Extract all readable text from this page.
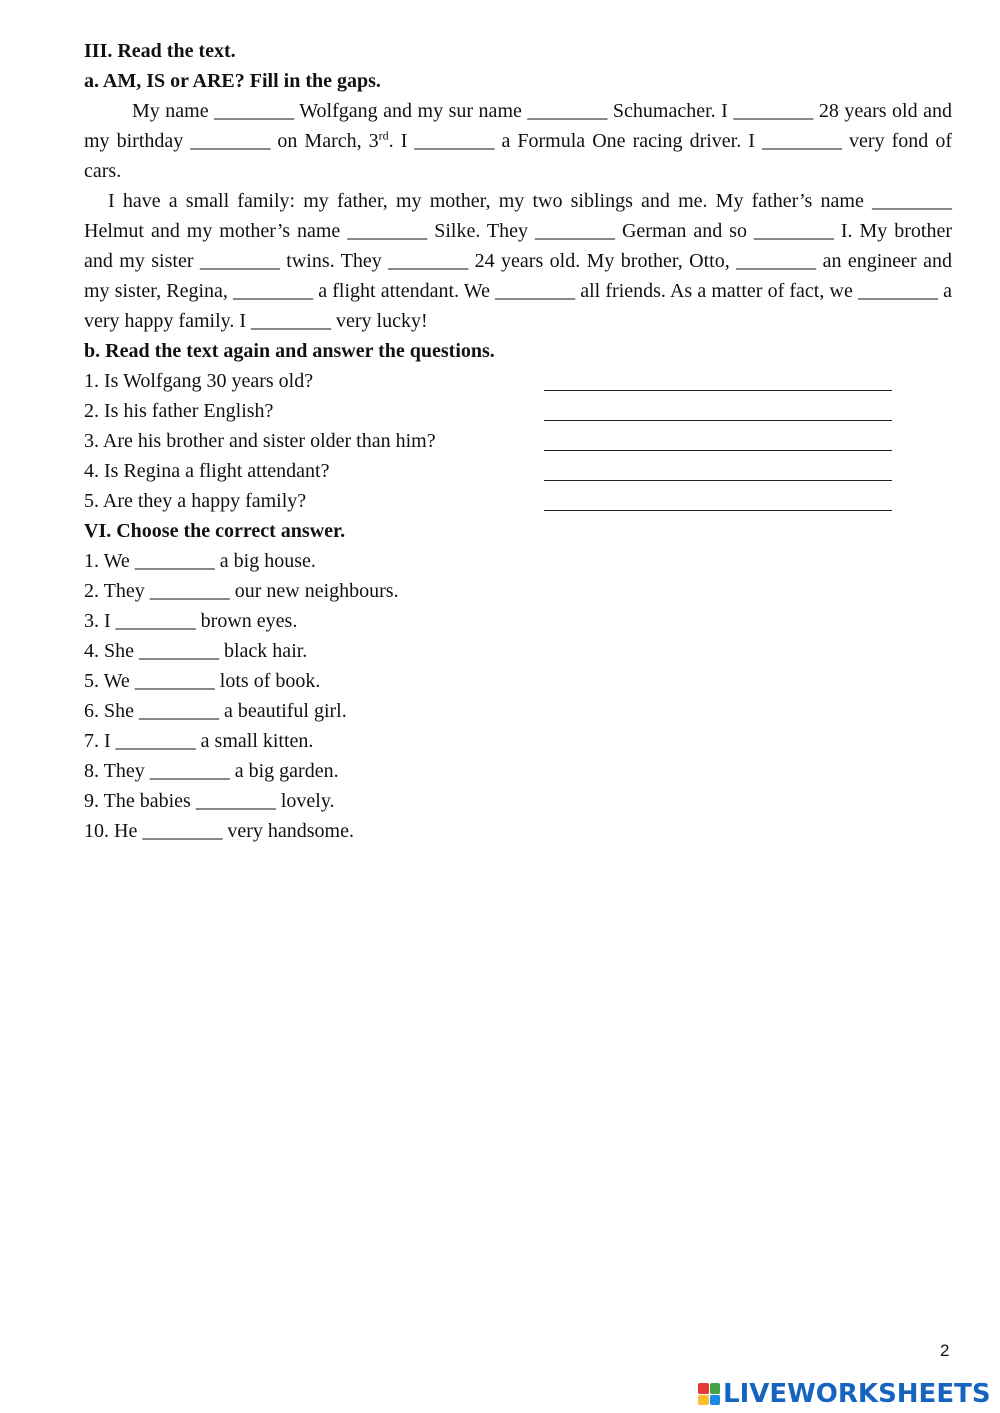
III. Read the text.
a. AM, IS or ARE? Fill in the gaps.
My name ________ Wolfgang and my sur name ________ Schumacher. I ________ 28 years old and my birthday ________ on March, 3rd. I ________ a Formula One racing driver. I ________ very fond of cars.
I have a small family: my father, my mother, my two siblings and me. My father’s name ________ Helmut and my mother’s name ________ Silke. They ________ German and so ________ I. My brother and my sister ________ twins. They ________ 24 years old. My brother, Otto, ________ an engineer and my sister, Regina, ________ a flight attendant. We ________ all friends. As a matter of fact, we ________ a very happy family. I ________ very lucky!
b. Read the text again and answer the questions.
1. Is Wolfgang 30 years old?
2. Is his father English?
3. Are his brother and sister older than him?
4. Is Regina a flight attendant?
5. Are they a happy family?
VI. Choose the correct answer.
1. We ________ a big house.
2. They ________ our new neighbours.
3. I ________ brown eyes.
4. She ________ black hair.
5. We ________ lots of book.
6. She ________ a beautiful girl.
7. I ________ a small kitten.
8. They ________ a big garden.
9. The babies ________ lovely.
10. He ________ very handsome.
2
LIVEWORKSHEETS
